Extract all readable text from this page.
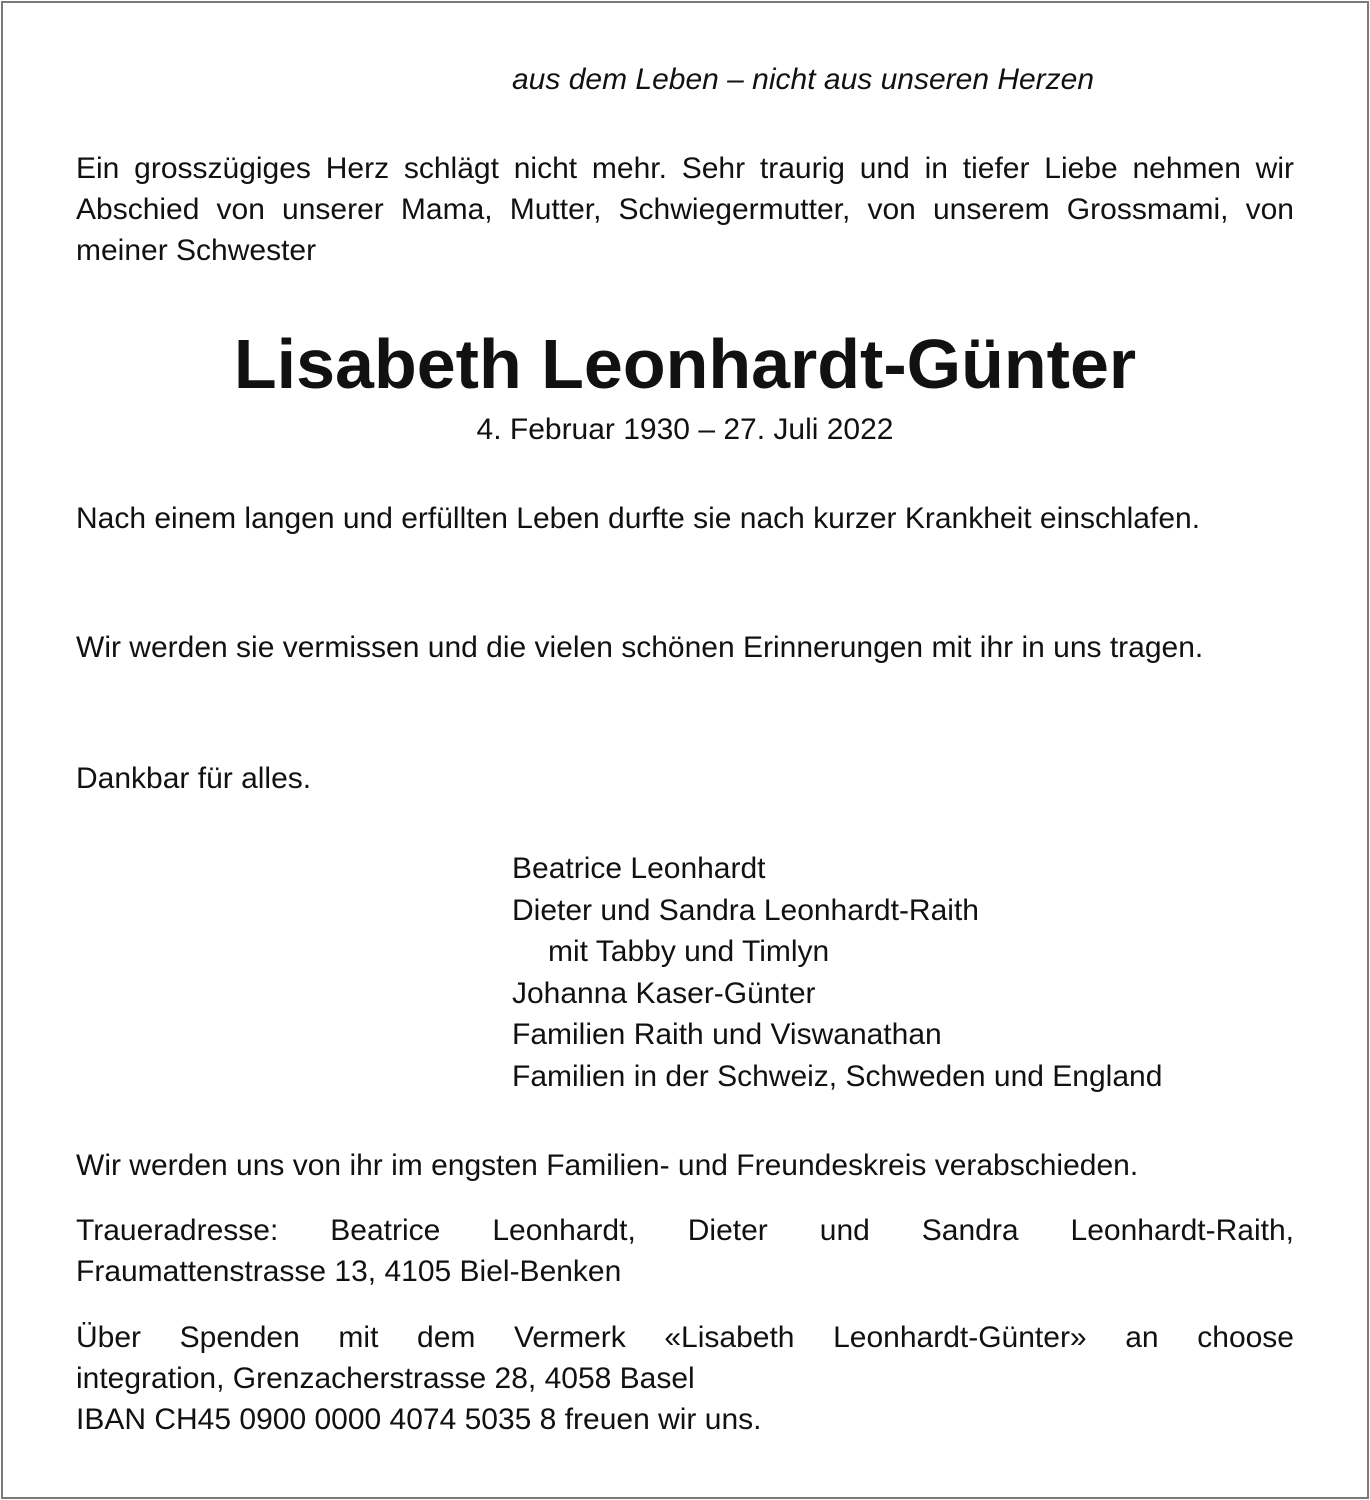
aus dem Leben – nicht aus unseren Herzen

Ein grosszügiges Herz schlägt nicht mehr. Sehr traurig und in tiefer Liebe nehmen wir Abschied von unserer Mama, Mutter, Schwiegermutter, von unserem Grossmami, von meiner Schwester

Lisabeth Leonhardt-Günter
4. Februar 1930 – 27. Juli 2022

Nach einem langen und erfüllten Leben durfte sie nach kurzer Krankheit einschlafen.

Wir werden sie vermissen und die vielen schönen Erinnerungen mit ihr in uns tragen.

Dankbar für alles.

Beatrice Leonhardt
Dieter und Sandra Leonhardt-Raith
mit Tabby und Timlyn
Johanna Kaser-Günter
Familien Raith und Viswanathan
Familien in der Schweiz, Schweden und England

Wir werden uns von ihr im engsten Familien- und Freundeskreis verabschieden.

Traueradresse: Beatrice Leonhardt, Dieter und Sandra Leonhardt-Raith,
Fraumattenstrasse 13, 4105 Biel-Benken
Über Spenden mit dem Vermerk «Lisabeth Leonhardt-Günter» an choose
integration, Grenzacherstrasse 28, 4058 Basel
IBAN CH45 0900 0000 4074 5035 8 freuen wir uns.
